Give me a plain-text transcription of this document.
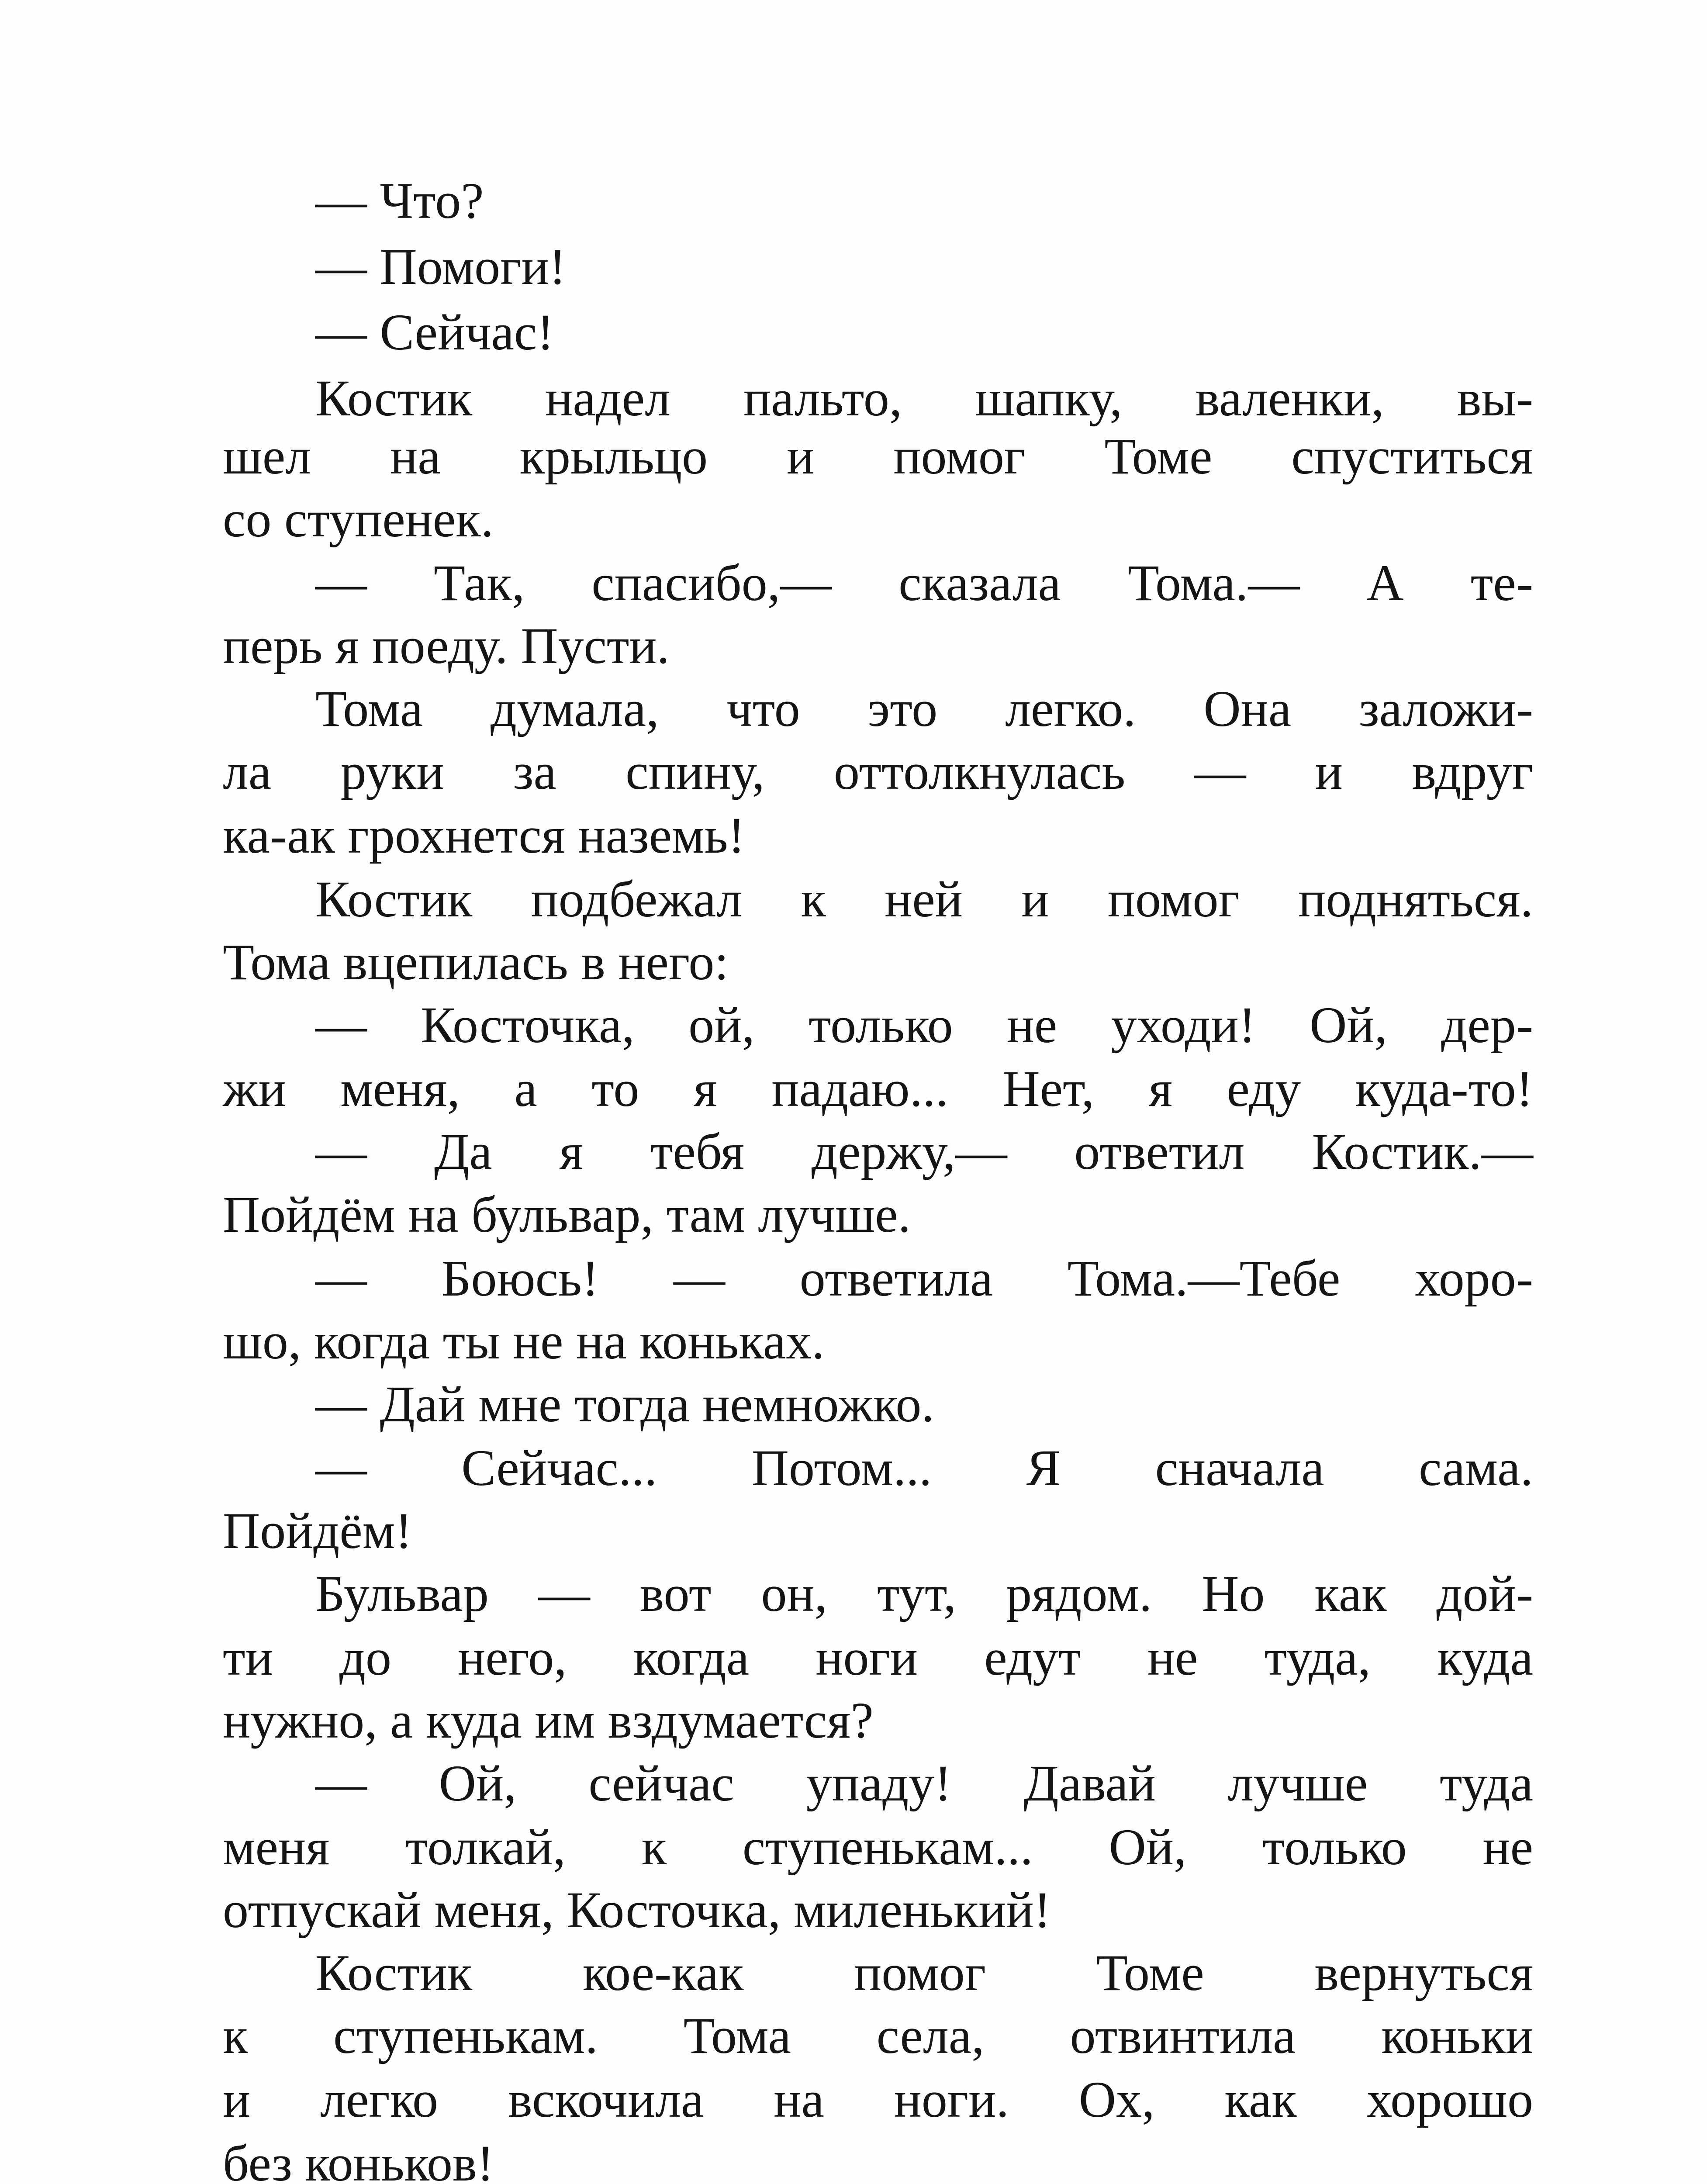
— Что?
— Помоги!
— Сейчас!
Костик надел пальто, шапку, валенки, вы-
шел на крыльцо и помог Томе спуститься
со ступенек.
— Так, спасибо,— сказала Тома.— А те-
перь я поеду. Пусти.
Тома думала, что это легко. Она заложи-
ла руки за спину, оттолкнулась — и вдруг
ка-ак грохнется наземь!
Костик подбежал к ней и помог подняться.
Тома вцепилась в него:
— Косточка, ой, только не уходи! Ой, дер-
жи меня, а то я падаю... Нет, я еду куда-то!
— Да я тебя держу,— ответил Костик.—
Пойдём на бульвар, там лучше.
— Боюсь! — ответила Тома.—Тебе хоро-
шо, когда ты не на коньках.
— Дай мне тогда немножко.
— Сейчас... Потом... Я сначала сама.
Пойдём!
Бульвар — вот он, тут, рядом. Но как дой-
ти до него, когда ноги едут не туда, куда
нужно, а куда им вздумается?
— Ой, сейчас упаду! Давай лучше туда
меня толкай, к ступенькам... Ой, только не
отпускай меня, Косточка, миленький!
Костик кое-как помог Томе вернуться
к ступенькам. Тома села, отвинтила коньки
и легко вскочила на ноги. Ох, как хорошо
без коньков!
